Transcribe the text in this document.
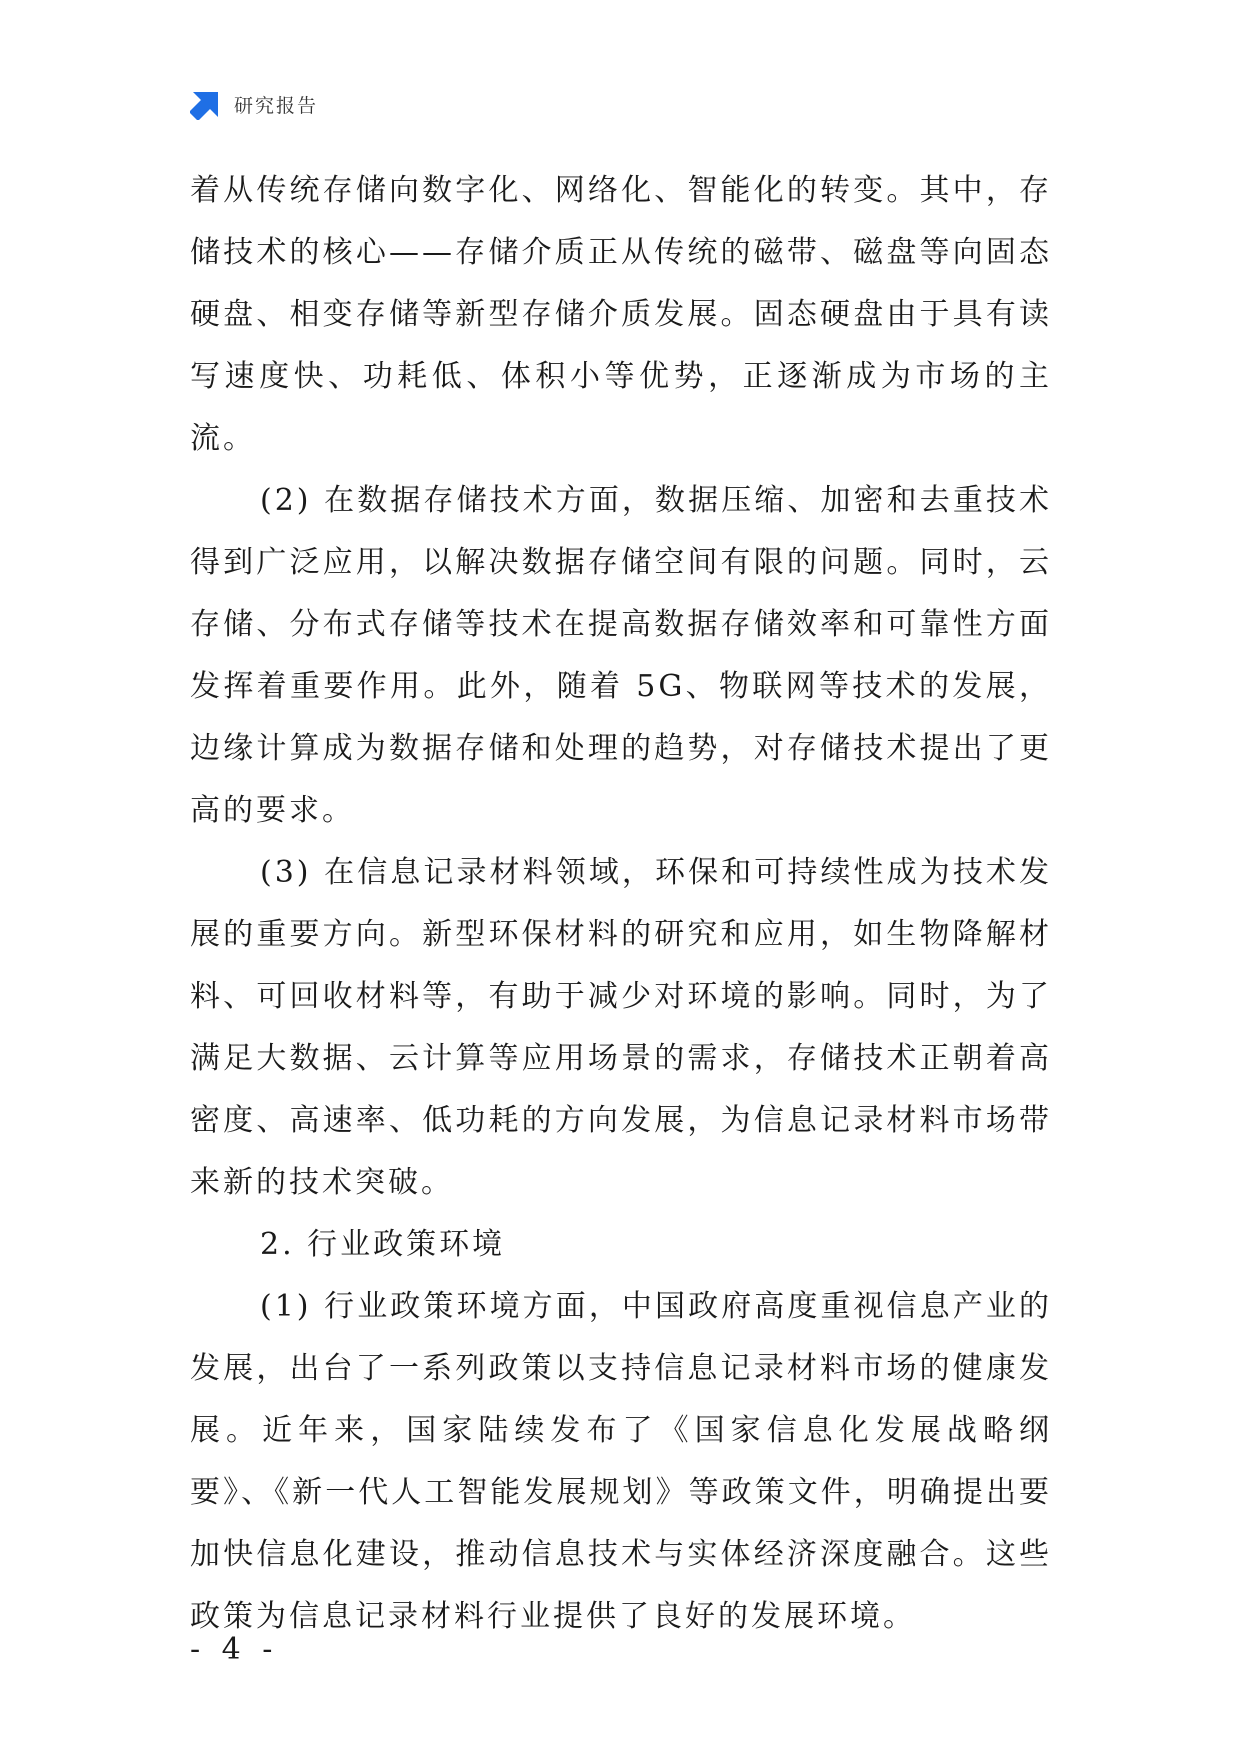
研究报告

着从传统存储向数字化、网络化、智能化的转变。其中，存储技术的核心——存储介质正从传统的磁带、磁盘等向固态硬盘、相变存储等新型存储介质发展。固态硬盘由于具有读写速度快、功耗低、体积小等优势，正逐渐成为市场的主流。

(2) 在数据存储技术方面，数据压缩、加密和去重技术得到广泛应用，以解决数据存储空间有限的问题。同时，云存储、分布式存储等技术在提高数据存储效率和可靠性方面发挥着重要作用。此外，随着 5G、物联网等技术的发展，边缘计算成为数据存储和处理的趋势，对存储技术提出了更高的要求。

(3) 在信息记录材料领域，环保和可持续性成为技术发展的重要方向。新型环保材料的研究和应用，如生物降解材料、可回收材料等，有助于减少对环境的影响。同时，为了满足大数据、云计算等应用场景的需求，存储技术正朝着高密度、高速率、低功耗的方向发展，为信息记录材料市场带来新的技术突破。

2. 行业政策环境

(1) 行业政策环境方面，中国政府高度重视信息产业的发展，出台了一系列政策以支持信息记录材料市场的健康发展。近年来，国家陆续发布了《国家信息化发展战略纲要》、《新一代人工智能发展规划》等政策文件，明确提出要加快信息化建设，推动信息技术与实体经济深度融合。这些政策为信息记录材料行业提供了良好的发展环境。

- 4 -
